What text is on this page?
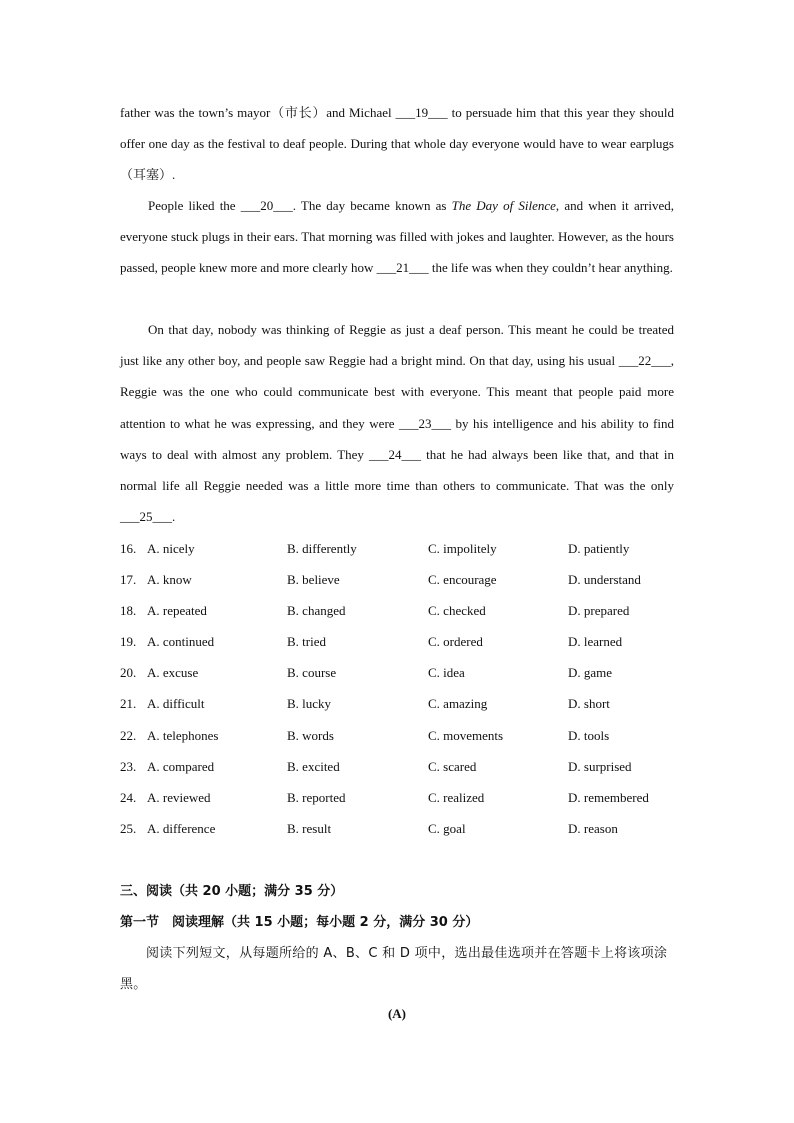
father was the town’s mayor（市长）and Michael ___19___ to persuade him that this year they should offer one day as the festival to deaf people. During that whole day everyone would have to wear earplugs（耳塞）.

People liked the ___20___. The day became known as The Day of Silence, and when it arrived, everyone stuck plugs in their ears. That morning was filled with jokes and laughter. However, as the hours passed, people knew more and more clearly how ___21___ the life was when they couldn’t hear anything.

On that day, nobody was thinking of Reggie as just a deaf person. This meant he could be treated just like any other boy, and people saw Reggie had a bright mind. On that day, using his usual ___22___, Reggie was the one who could communicate best with everyone. This meant that people paid more attention to what he was expressing, and they were ___23___ by his intelligence and his ability to find ways to deal with almost any problem. They ___24___ that he had always been like that, and that in normal life all Reggie needed was a little more time than others to communicate. That was the only ___25___.

16. A. nicely	B. differently	C. impolitely	D. patiently
17. A. know	B. believe	C. encourage	D. understand
18. A. repeated	B. changed	C. checked	D. prepared
19. A. continued	B. tried	C. ordered	D. learned
20. A. excuse	B. course	C. idea	D. game
21. A. difficult	B. lucky	C. amazing	D. short
22. A. telephones	B. words	C. movements	D. tools
23. A. compared	B. excited	C. scared	D. surprised
24. A. reviewed	B. reported	C. realized	D. remembered
25. A. difference	B. result	C. goal	D. reason

三、阅读（共 20 小题；满分 35 分）

第一节　阅读理解（共 15 小题；每小题 2 分，满分 30 分）

阅读下列短文，从每题所给的 A、B、C 和 D 项中，选出最佳选项并在答题卡上将该项涂黑。

(A)
